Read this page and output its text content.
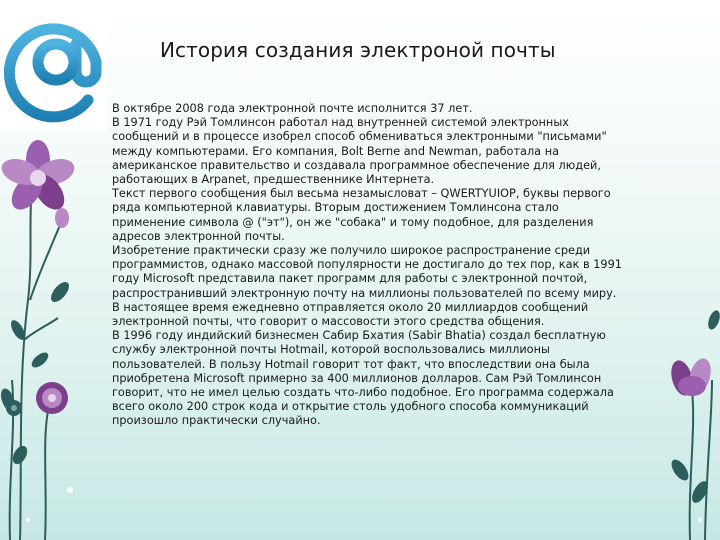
История создания электроной почты

В октябре 2008 года электронной почте исполнится 37 лет.

В 1971 году Рэй Томлинсон работал над внутренней системой электронных сообщений и в процессе изобрел способ обмениваться электронными "письмами" между компьютерами. Его компания, Bolt Berne and Newman, работала на американское правительство и создавала программное обеспечение для людей, работающих в Arpanet, предшественнике Интернета.

Текст первого сообщения был весьма незамысловат – QWERTYUIOP, буквы первого ряда компьютерной клавиатуры. Вторым достижением Томлинсона стало применение символа @ ("эт"), он же "собака" и тому подобное, для разделения адресов электронной почты.

Изобретение практически сразу же получило широкое распространение среди программистов, однако массовой популярности не достигало до тех пор, как в 1991 году Microsoft представила пакет программ для работы с электронной почтой, распространивший электронную почту на миллионы пользователей по всему миру.

В настоящее время ежедневно отправляется около 20 миллиардов сообщений электронной почты, что говорит о массовости этого средства общения.

В 1996 году индийский бизнесмен Сабир Бхатия (Sabir Bhatia) создал бесплатную службу электронной почты Hotmail, которой воспользовались миллионы пользователей. В пользу Hotmail говорит тот факт, что впоследствии она была приобретена Microsoft примерно за 400 миллионов долларов. Сам Рэй Томлинсон говорит, что не имел целью создать что-либо подобное. Его программа содержала всего около 200 строк кода и открытие столь удобного способа коммуникаций произошло практически случайно.
